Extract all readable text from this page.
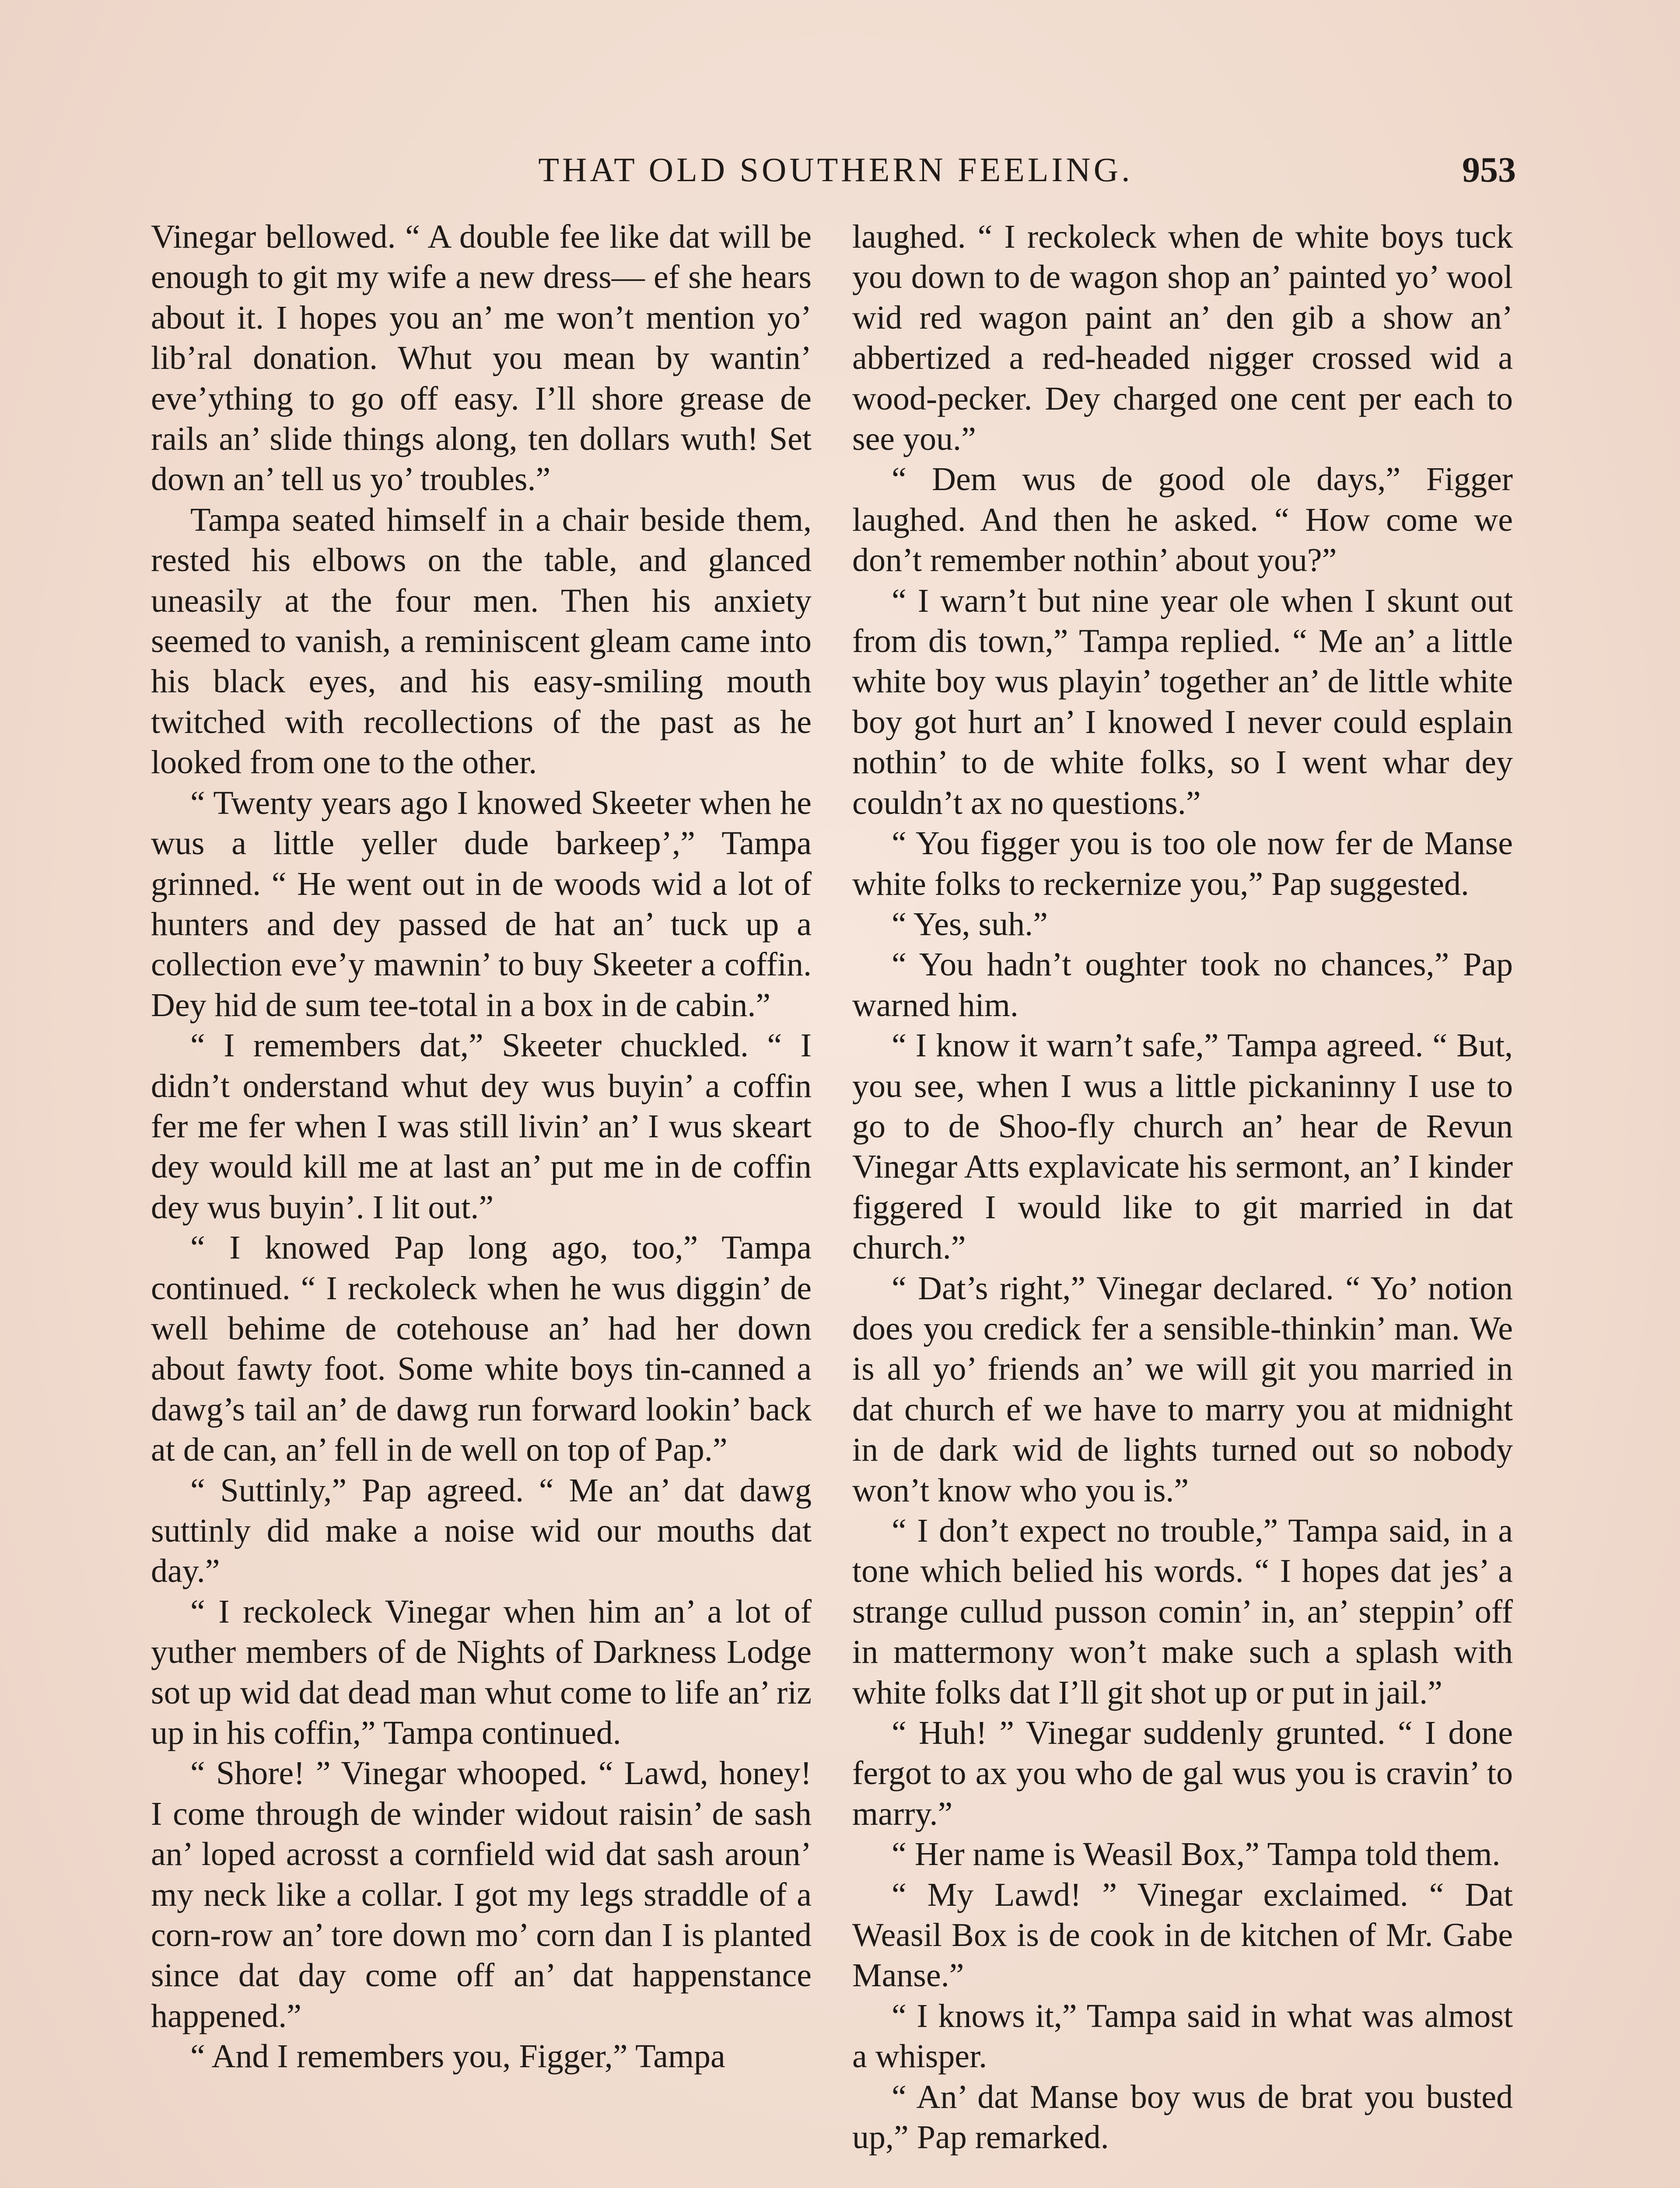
THAT OLD SOUTHERN FEELING.	953

Vinegar bellowed. “ A double fee like dat will be enough to git my wife a new dress— ef she hears about it. I hopes you an’ me won’t mention yo’ lib’ral donation. Whut you mean by wantin’ eve’ything to go off easy. I’ll shore grease de rails an’ slide things along, ten dollars wuth! Set down an’ tell us yo’ troubles.”

Tampa seated himself in a chair beside them, rested his elbows on the table, and glanced uneasily at the four men. Then his anxiety seemed to vanish, a reminiscent gleam came into his black eyes, and his easy-smiling mouth twitched with recollections of the past as he looked from one to the other.

“ Twenty years ago I knowed Skeeter when he wus a little yeller dude barkeep’,” Tampa grinned. “ He went out in de woods wid a lot of hunters and dey passed de hat an’ tuck up a collection eve’y mawnin’ to buy Skeeter a coffin. Dey hid de sum tee-total in a box in de cabin.”

“ I remembers dat,” Skeeter chuckled. “ I didn’t onderstand whut dey wus buyin’ a coffin fer me fer when I was still livin’ an’ I wus skeart dey would kill me at last an’ put me in de coffin dey wus buyin’. I lit out.”

“ I knowed Pap long ago, too,” Tampa continued. “ I reckoleck when he wus diggin’ de well behime de cotehouse an’ had her down about fawty foot. Some white boys tin-canned a dawg’s tail an’ de dawg run forward lookin’ back at de can, an’ fell in de well on top of Pap.”

“ Suttinly,” Pap agreed. “ Me an’ dat dawg suttinly did make a noise wid our mouths dat day.”

“ I reckoleck Vinegar when him an’ a lot of yuther members of de Nights of Darkness Lodge sot up wid dat dead man whut come to life an’ riz up in his coffin,” Tampa continued.

“ Shore! ” Vinegar whooped. “ Lawd, honey! I come through de winder widout raisin’ de sash an’ loped acrosst a cornfield wid dat sash aroun’ my neck like a collar. I got my legs straddle of a corn-row an’ tore down mo’ corn dan I is planted since dat day come off an’ dat happenstance happened.”

“ And I remembers you, Figger,” Tampa

laughed. “ I reckoleck when de white boys tuck you down to de wagon shop an’ painted yo’ wool wid red wagon paint an’ den gib a show an’ abbertized a red-headed nigger crossed wid a wood-pecker. Dey charged one cent per each to see you.”

“ Dem wus de good ole days,” Figger laughed. And then he asked. “ How come we don’t remember nothin’ about you?”

“ I warn’t but nine year ole when I skunt out from dis town,” Tampa replied. “ Me an’ a little white boy wus playin’ together an’ de little white boy got hurt an’ I knowed I never could esplain nothin’ to de white folks, so I went whar dey couldn’t ax no questions.”

“ You figger you is too ole now fer de Manse white folks to reckernize you,” Pap suggested.

“ Yes, suh.”

“ You hadn’t oughter took no chances,” Pap warned him.

“ I know it warn’t safe,” Tampa agreed. “ But, you see, when I wus a little pickaninny I use to go to de Shoo-fly church an’ hear de Revun Vinegar Atts explavicate his sermont, an’ I kinder figgered I would like to git married in dat church.”

“ Dat’s right,” Vinegar declared. “ Yo’ notion does you credick fer a sensible-thinkin’ man. We is all yo’ friends an’ we will git you married in dat church ef we have to marry you at midnight in de dark wid de lights turned out so nobody won’t know who you is.”

“ I don’t expect no trouble,” Tampa said, in a tone which belied his words. “ I hopes dat jes’ a strange cullud pusson comin’ in, an’ steppin’ off in mattermony won’t make such a splash with white folks dat I’ll git shot up or put in jail.”

“ Huh! ” Vinegar suddenly grunted. “ I done fergot to ax you who de gal wus you is cravin’ to marry.”

“ Her name is Weasil Box,” Tampa told them.

“ My Lawd! ” Vinegar exclaimed. “ Dat Weasil Box is de cook in de kitchen of Mr. Gabe Manse.”

“ I knows it,” Tampa said in what was almost a whisper.

“ An’ dat Manse boy wus de brat you busted up,” Pap remarked.
